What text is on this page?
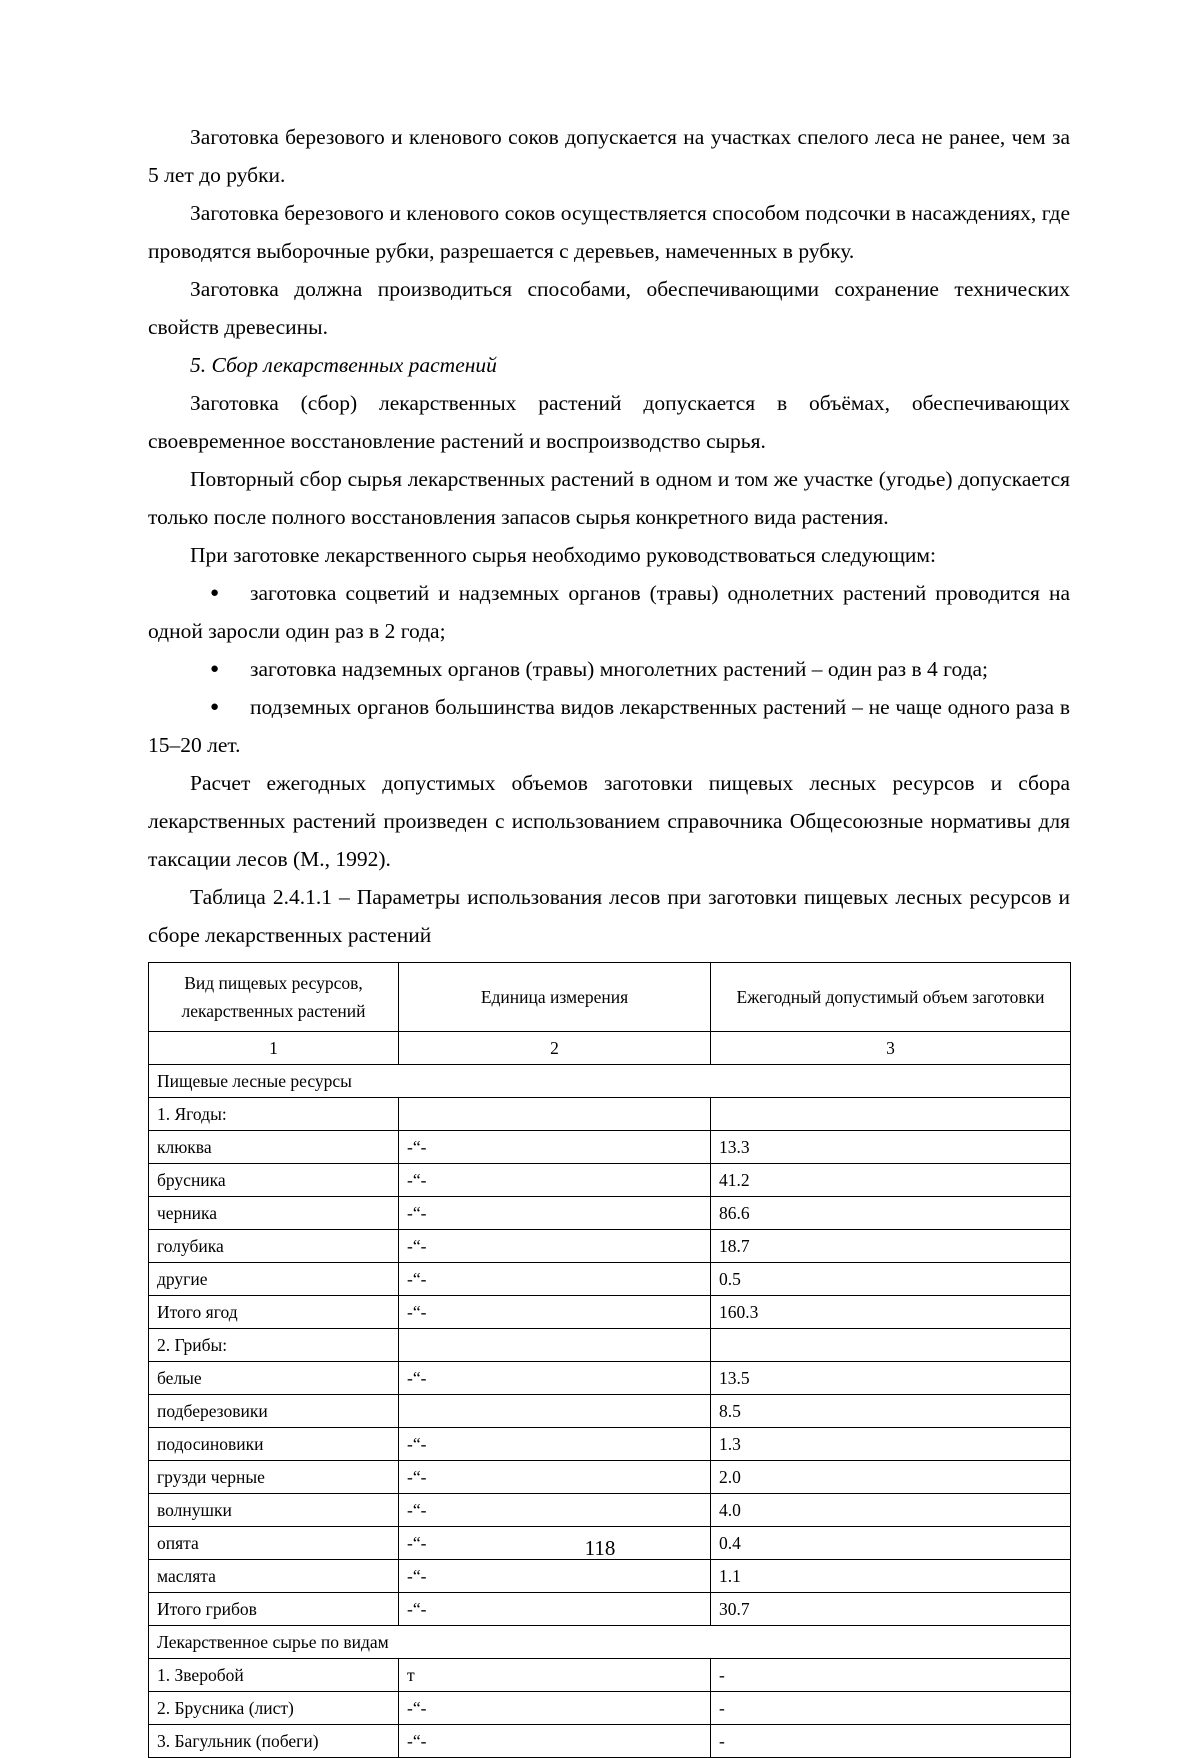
Заготовка березового и кленового соков допускается на участках спелого леса не ранее, чем за 5 лет до рубки.

Заготовка березового и кленового соков осуществляется способом подсочки в насаждениях, где проводятся выборочные рубки, разрешается с деревьев, намеченных в рубку.

Заготовка должна производиться способами, обеспечивающими сохранение технических свойств древесины.

5. Сбор лекарственных растений

Заготовка (сбор) лекарственных растений допускается в объёмах, обеспечивающих своевременное восстановление растений и воспроизводство сырья.

Повторный сбор сырья лекарственных растений в одном и том же участке (угодье) допускается только после полного восстановления запасов сырья конкретного вида растения.

При заготовке лекарственного сырья необходимо руководствоваться следующим:

● заготовка соцветий и надземных органов (травы) однолетних растений проводится на одной заросли один раз в 2 года;

● заготовка надземных органов (травы) многолетних растений – один раз в 4 года;

● подземных органов большинства видов лекарственных растений – не чаще одного раза в 15–20 лет.

Расчет ежегодных допустимых объемов заготовки пищевых лесных ресурсов и сбора лекарственных растений произведен с использованием справочника Общесоюзные нормативы для таксации лесов (М., 1992).

Таблица 2.4.1.1 – Параметры использования лесов при заготовки пищевых лесных ресурсов и сборе лекарственных растений

Вид пищевых ресурсов, лекарственных растений	Единица измерения	Ежегодный допустимый объем заготовки
1	2	3
Пищевые лесные ресурсы		
1. Ягоды:		
клюква	-“-	13.3
брусника	-“-	41.2
черника	-“-	86.6
голубика	-“-	18.7
другие	-“-	0.5
Итого ягод	-“-	160.3
2. Грибы:		
белые	-“-	13.5
подберезовики		8.5
подосиновики	-“-	1.3
грузди черные	-“-	2.0
волнушки	-“-	4.0
опята	-“-	0.4
маслята	-“-	1.1
Итого грибов	-“-	30.7
Лекарственное сырье по видам		
1. Зверобой	т	-
2. Брусника (лист)	-“-	-
3. Багульник (побеги)	-“-	-
118
